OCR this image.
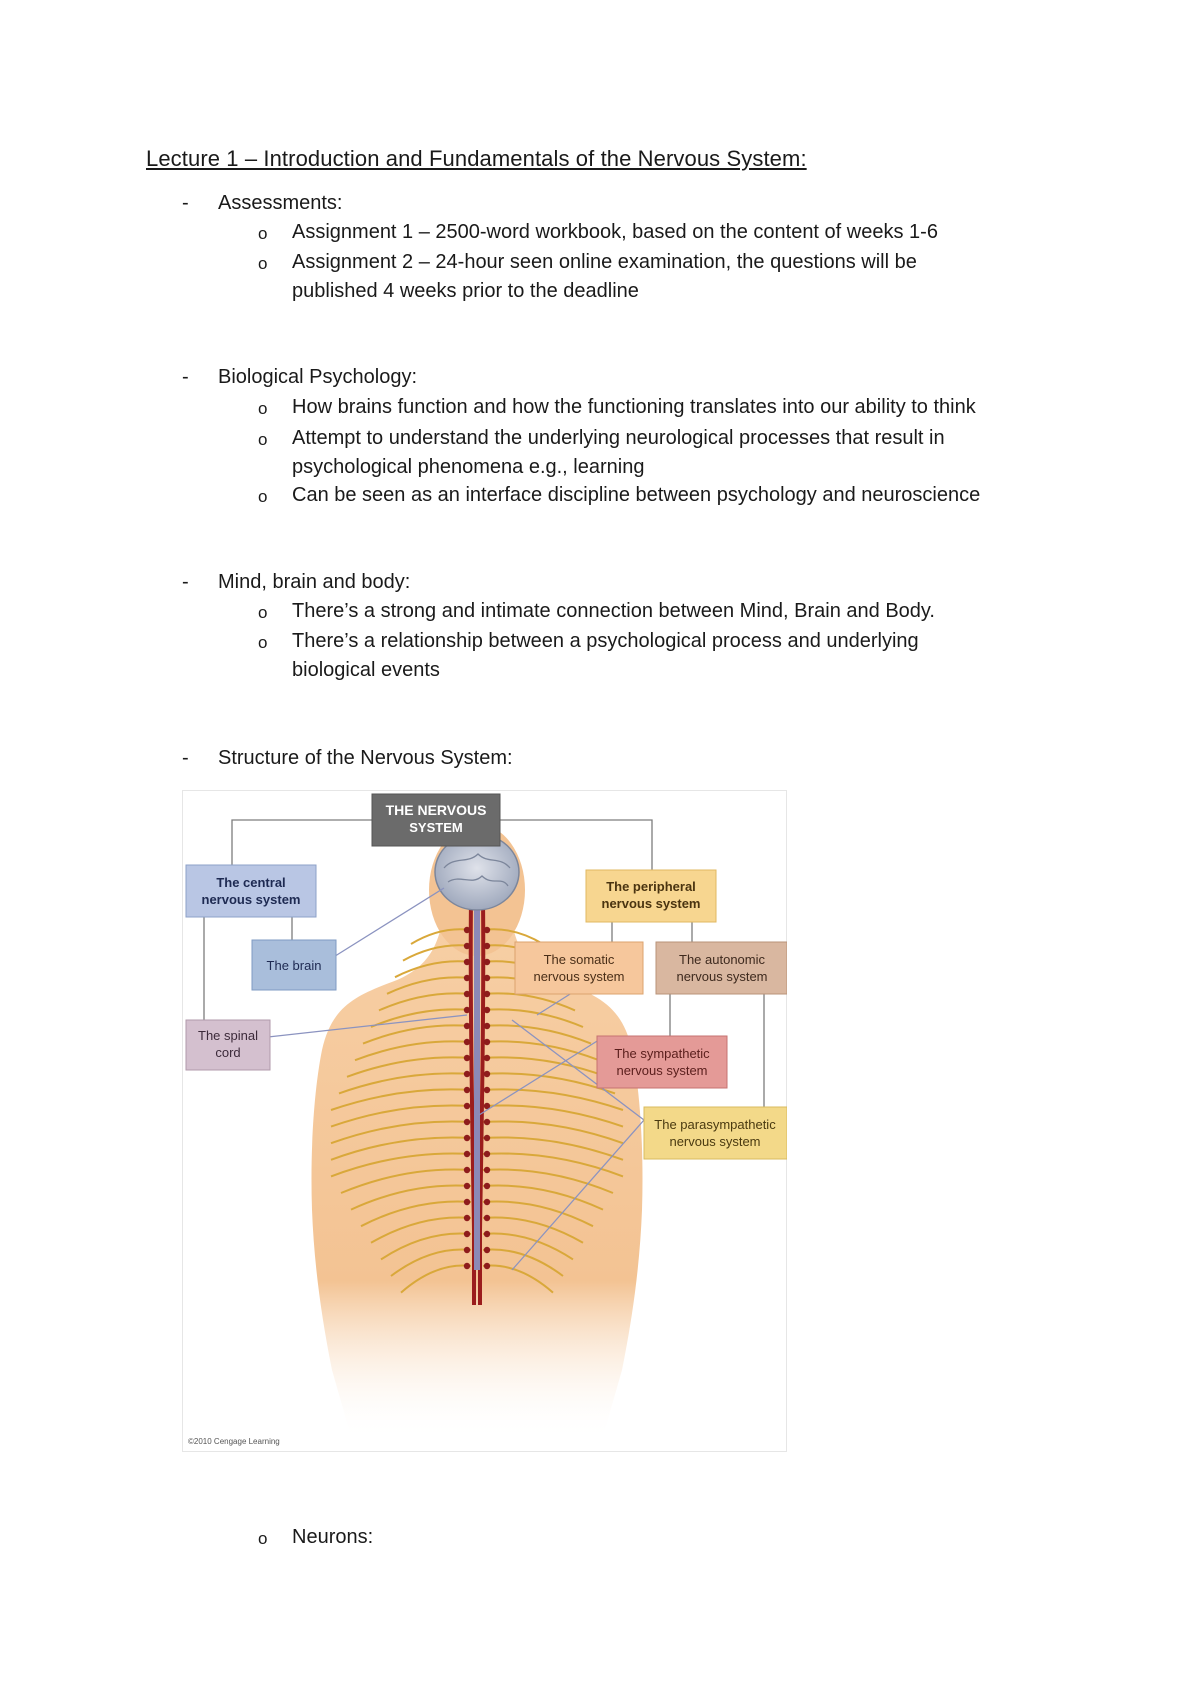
Lecture 1 – Introduction and Fundamentals of the Nervous System:
- Assessments:
o Assignment 1 – 2500-word workbook, based on the content of weeks 1-6
o Assignment 2 – 24-hour seen online examination, the questions will be
published 4 weeks prior to the deadline
- Biological Psychology:
o How brains function and how the functioning translates into our ability to think
o Attempt to understand the underlying neurological processes that result in
psychological phenomena e.g., learning
o Can be seen as an interface discipline between psychology and neuroscience
- Mind, brain and body:
o There’s a strong and intimate connection between Mind, Brain and Body.
o There’s a relationship between a psychological process and underlying
biological events
- Structure of the Nervous System:
THE NERVOUS
SYSTEM
The central
nervous system
The brain
The spinal
cord
The peripheral
nervous system
The somatic
nervous system
The autonomic
nervous system
The sympathetic
nervous system
The parasympathetic
nervous system
©2010 Cengage Learning
o Neurons:
